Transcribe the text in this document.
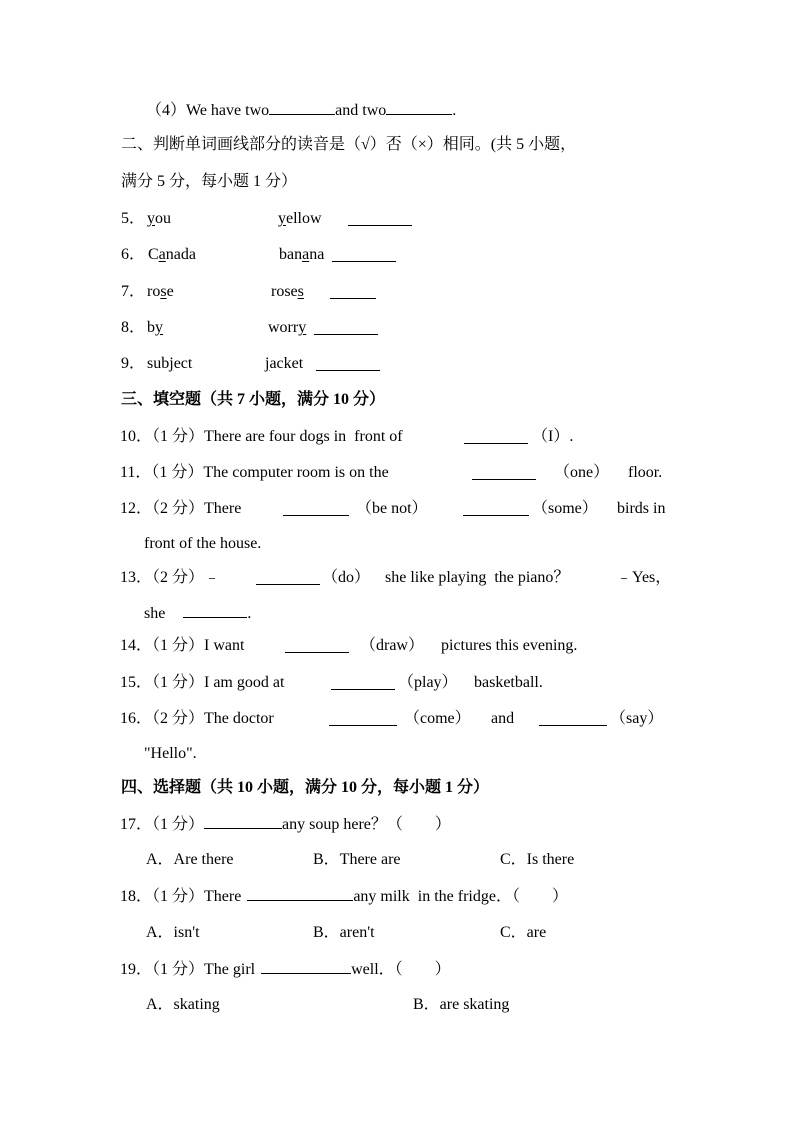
（4）We have two	and two	.
二、判断单词画线部分的读音是（√）否（×）相同。(共 5 小题，
满分 5 分，每小题 1 分）
5． you	yellow
6． Canada	banana
7． rose	roses
8． by	worry
9． subject	jacket
三、填空题（共 7 小题，满分 10 分）
10．（1 分）There are four dogs in  front of	（I）.
11．（1 分）The computer room is on the	（one） floor.
12．（2 分）There	（be not）	（some） birds in
front of the house.
13．（2 分）﹣	（do） she like playing  the piano？	﹣Yes，
she	.
14．（1 分）I want	（draw） pictures this evening.
15．（1 分）I am good at	（play） basketball.
16．（2 分）The doctor	（come） and	（say）
"Hello".
四、选择题（共 10 小题，满分 10 分，每小题 1 分）
17．（1 分）	any soup here？（        ）
A．Are there	B．There are	C．Is there
18．（1 分）There	any milk  in the fridge．（        ）
A．isn't	B．aren't	C．are
19．（1 分）The girl	well．（        ）
A．skating	B．are skating
